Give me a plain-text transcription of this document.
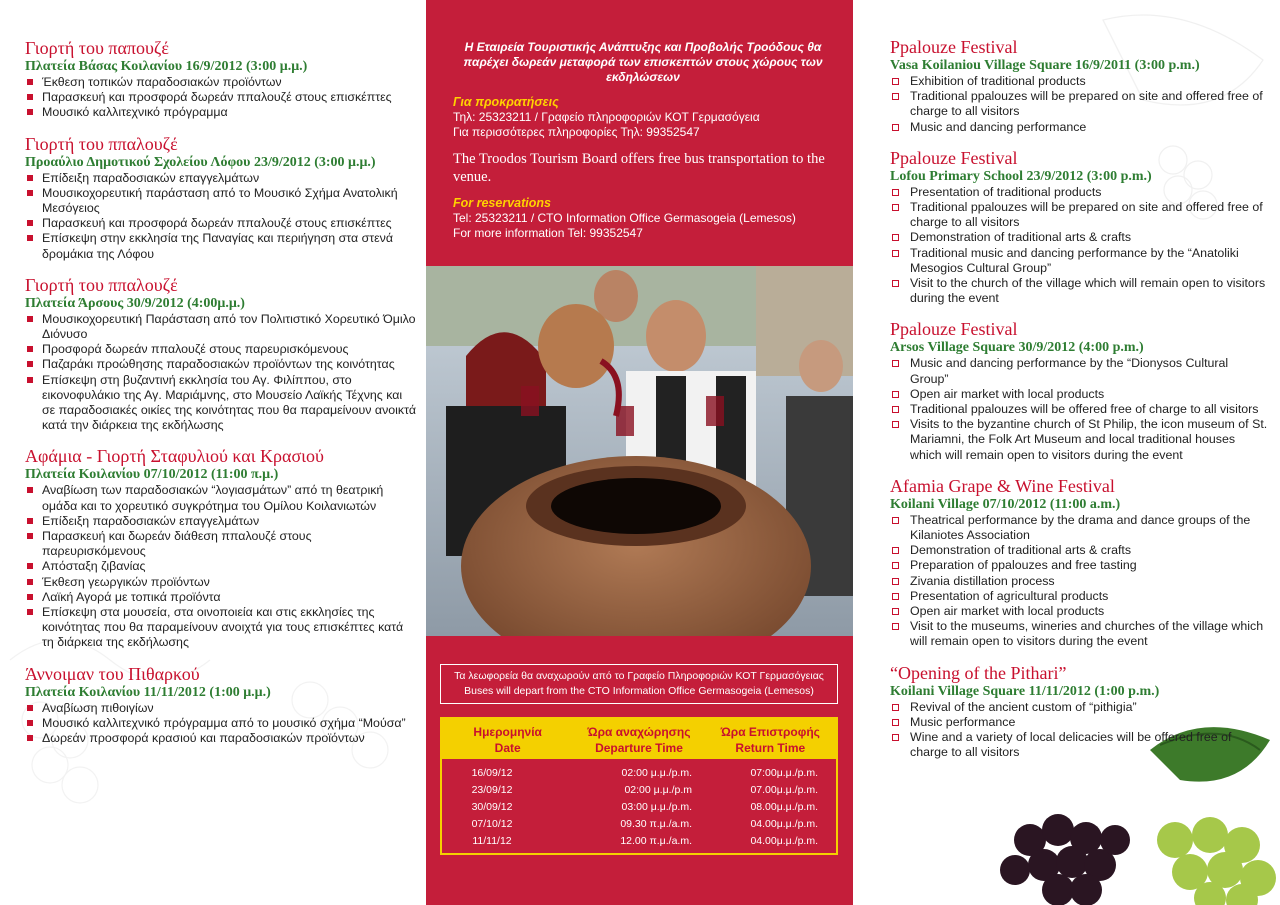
Γιορτή του παπουζέ

Πλατεία Βάσας Κοιλανίου 16/9/2012 (3:00 μ.μ.)

Έκθεση τοπικών παραδοσιακών προϊόντων
Παρασκευή και προσφορά δωρεάν ππαλουζέ στους επισκέπτες
Μουσικό καλλιτεχνικό πρόγραμμα

Γιορτή του ππαλουζέ

Προαύλιο Δημοτικού Σχολείου Λόφου 23/9/2012 (3:00 μ.μ.)

Επίδειξη παραδοσιακών επαγγελμάτων
Μουσικοχορευτική παράσταση από το Μουσικό Σχήμα Ανατολική Μεσόγειος
Παρασκευή και προσφορά δωρεάν ππαλουζέ στους επισκέπτες
Επίσκεψη στην εκκλησία της Παναγίας και περιήγηση στα στενά δρομάκια της Λόφου

Γιορτή του ππαλουζέ

Πλατεία Άρσους 30/9/2012 (4:00μ.μ.)

Μουσικοχορευτική Παράσταση από τον Πολιτιστικό Χορευτικό Όμιλο Διόνυσο
Προσφορά δωρεάν ππαλουζέ στους παρευρισκόμενους
Παζαράκι προώθησης παραδοσιακών προϊόντων της κοινότητας
Επίσκεψη στη βυζαντινή εκκλησία του Αγ. Φιλίππου, στο εικονοφυλάκιο της Αγ. Μαριάμνης, στο Μουσείο Λαϊκής Τέχνης και σε παραδοσιακές οικίες της κοινότητας που θα παραμείνουν ανοικτά κατά την διάρκεια της εκδήλωσης

Αφάμια - Γιορτή Σταφυλιού και Κρασιού

Πλατεία Κοιλανίου 07/10/2012 (11:00 π.μ.)

Αναβίωση των παραδοσιακών “λογιασμάτων” από τη θεατρική ομάδα και το χορευτικό συγκρότημα του Ομίλου Κοιλανιωτών
Επίδειξη παραδοσιακών επαγγελμάτων
Παρασκευή και δωρεάν διάθεση ππαλουζέ στους παρευρισκόμενους
Απόσταξη ζιβανίας
Έκθεση γεωργικών προϊόντων
Λαϊκή Αγορά με τοπικά προϊόντα
Επίσκεψη στα μουσεία, στα οινοποιεία και στις εκκλησίες της κοινότητας που θα παραμείνουν ανοιχτά για τους επισκέπτες κατά τη διάρκεια της εκδήλωσης

Άννοιμαν του Πιθαρκού

Πλατεία Κοιλανίου 11/11/2012 (1:00 μ.μ.)

Αναβίωση πιθοιγίων
Μουσικό καλλιτεχνικό πρόγραμμα από το μουσικό σχήμα “Μούσα”
Δωρεάν προσφορά κρασιού και παραδοσιακών προϊόντων

Η Εταιρεία Τουριστικής Ανάπτυξης και Προβολής Τροόδους θα παρέχει δωρεάν μεταφορά των επισκεπτών στους χώρους των εκδηλώσεων

Για προκρατήσεις

Τηλ: 25323211 / Γραφείο πληροφοριών ΚΟΤ Γερμασόγεια

Για περισσότερες πληροφορίες Τηλ: 99352547

The Troodos Tourism Board offers free bus transportation to the venue.

For reservations

Tel: 25323211 / CTO Information Office Germasogeia (Lemesos)

For more information Tel: 99352547

Τα λεωφορεία θα αναχωρούν από το Γραφείο Πληροφοριών ΚΟΤ Γερμασόγειας
Buses will depart from the CTO Information Office Germasogeia (Lemesos)
Ημερομηνία
Date
Ώρα αναχώρησης
Departure Time
Ώρα Επιστροφής
Return Time
16/09/12	02:00 μ.μ./p.m.	07:00μ.μ./p.m.
23/09/12	02:00 μ.μ./p.m	07.00μ.μ./p.m.
30/09/12	03:00 μ.μ./p.m.	08.00μ.μ./p.m.
07/10/12	09.30 π.μ./a.m.	04.00μ.μ./p.m.
11/11/12	12.00 π.μ./a.m.	04.00μ.μ./p.m.

Ppalouze Festival

Vasa Koilaniou Village Square 16/9/2011 (3:00 p.m.)

Exhibition of traditional products
Traditional ppalouzes will be prepared on site and offered free of charge to all visitors
Music and dancing performance

Ppalouze Festival

Lofou Primary School 23/9/2012 (3:00 p.m.)

Presentation of traditional products
Traditional ppalouzes will be prepared on site and offered free of charge to all visitors
Demonstration of traditional arts & crafts
Traditional music and dancing performance by the “Anatoliki Mesogios Cultural Group”
Visit to the church of the village which will remain open to visitors during the event

Ppalouze Festival

Arsos Village Square 30/9/2012 (4:00 p.m.)

Music and dancing performance by the “Dionysos Cultural Group”
Open air market with local products
Traditional ppalouzes will be offered free of charge to all visitors
Visits to the byzantine church of St Philip, the icon museum of St. Mariamni, the Folk Art Museum and local traditional houses which will remain open to visitors during the event

Afamia Grape & Wine Festival

Koilani Village 07/10/2012 (11:00 a.m.)

Theatrical performance by the drama and dance groups of the Kilaniotes Association
Demonstration of traditional arts & crafts
Preparation of ppalouzes and free tasting
Zivania distillation process
Presentation of agricultural products
Open air market with local products
Visit to the museums, wineries and churches of the village which will remain open to visitors during the event

“Opening of the Pithari”

Koilani Village Square 11/11/2012 (1:00 p.m.)

Revival of the ancient custom of “pithigia”
Music performance
Wine and a variety of local delicacies will be offered free of charge to all visitors
